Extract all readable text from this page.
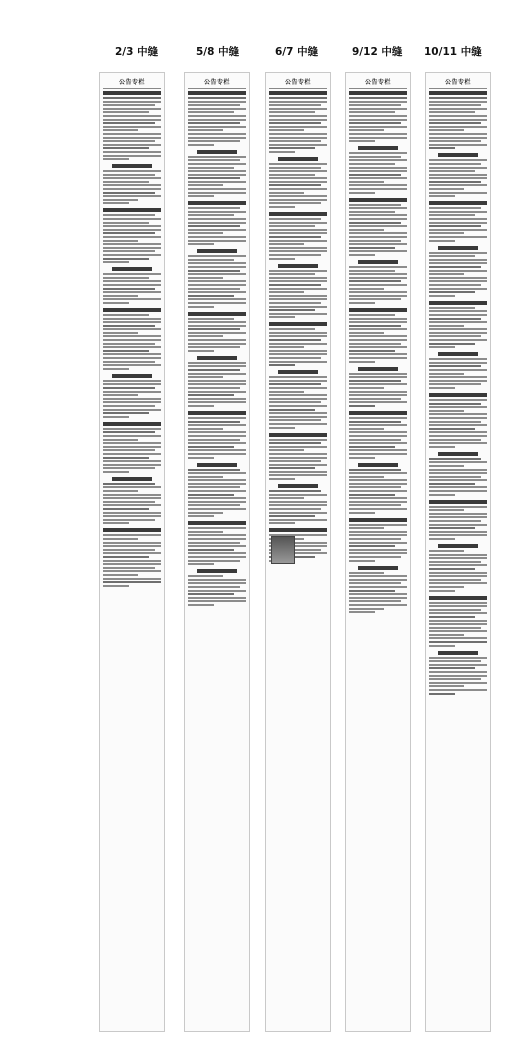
2/3 中缝	5/8 中缝	6/7 中缝	9/12 中缝 10/11 中缝
公告专栏	公告专栏	公告专栏	公告专栏	公告专栏
